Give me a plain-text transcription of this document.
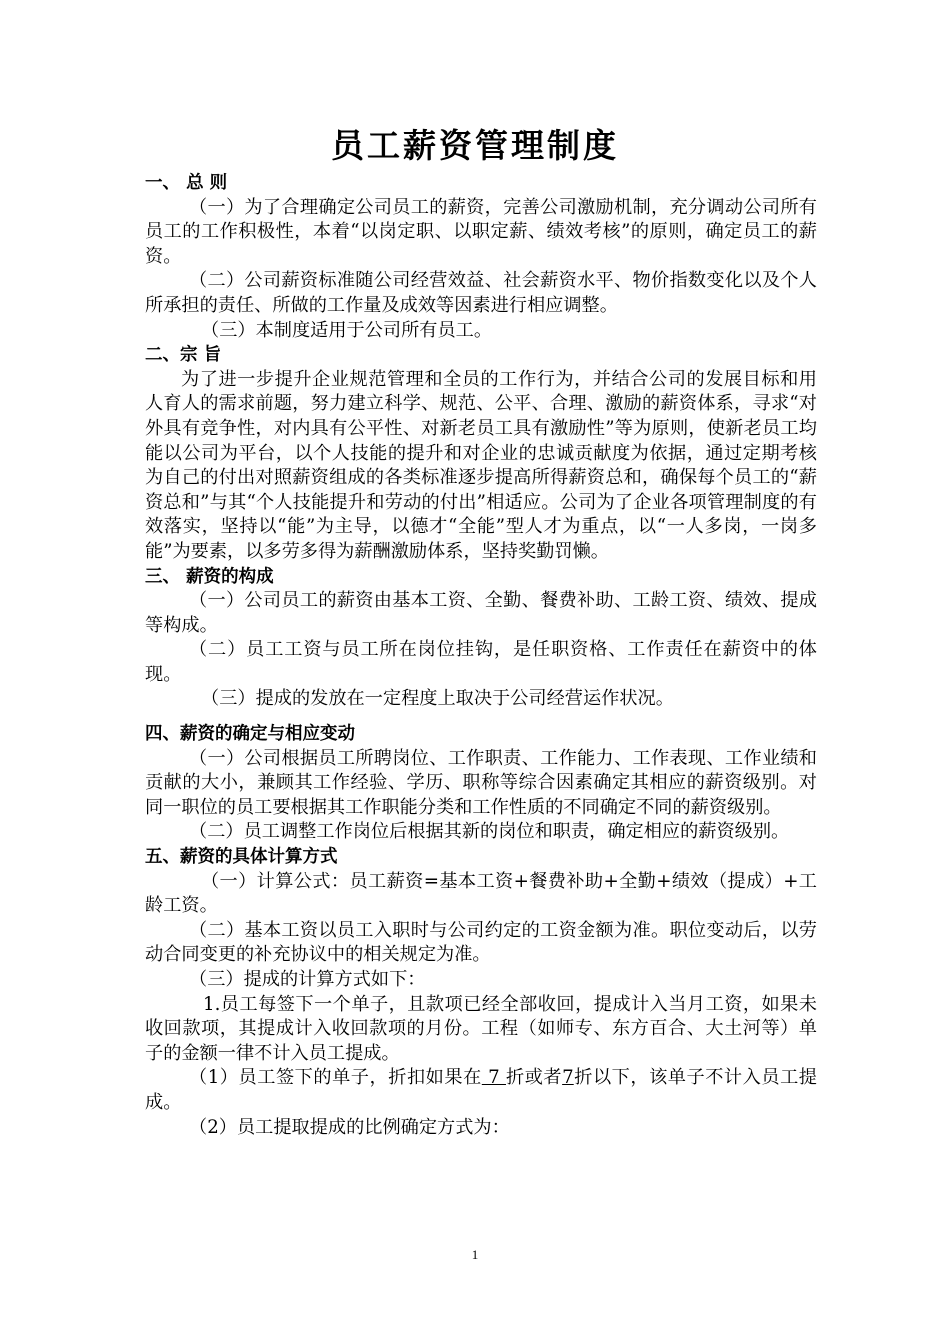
员工薪资管理制度

一、 总 则

（一）为了合理确定公司员工的薪资，完善公司激励机制，充分调动公司所有员工的工作积极性，本着“以岗定职、以职定薪、绩效考核”的原则，确定员工的薪资。

（二）公司薪资标准随公司经营效益、社会薪资水平、物价指数变化以及个人所承担的责任、所做的工作量及成效等因素进行相应调整。

（三）本制度适用于公司所有员工。

二、宗 旨

为了进一步提升企业规范管理和全员的工作行为，并结合公司的发展目标和用人育人的需求前题，努力建立科学、规范、公平、合理、激励的薪资体系，寻求“对外具有竞争性，对内具有公平性、对新老员工具有激励性”等为原则，使新老员工均能以公司为平台，以个人技能的提升和对企业的忠诚贡献度为依据，通过定期考核为自己的付出对照薪资组成的各类标准逐步提高所得薪资总和，确保每个员工的“薪资总和”与其“个人技能提升和劳动的付出”相适应。公司为了企业各项管理制度的有效落实，坚持以“能”为主导，以德才“全能”型人才为重点，以“一人多岗，一岗多能”为要素，以多劳多得为薪酬激励体系，坚持奖勤罚懒。

三、 薪资的构成

（一）公司员工的薪资由基本工资、全勤、餐费补助、工龄工资、绩效、提成等构成。

（二）员工工资与员工所在岗位挂钩，是任职资格、工作责任在薪资中的体现。

（三）提成的发放在一定程度上取决于公司经营运作状况。

四、薪资的确定与相应变动

（一）公司根据员工所聘岗位、工作职责、工作能力、工作表现、工作业绩和贡献的大小，兼顾其工作经验、学历、职称等综合因素确定其相应的薪资级别。对同一职位的员工要根据其工作职能分类和工作性质的不同确定不同的薪资级别。

（二）员工调整工作岗位后根据其新的岗位和职责，确定相应的薪资级别。

五、薪资的具体计算方式

（一）计算公式：员工薪资=基本工资+餐费补助+全勤+绩效（提成）+工龄工资。

（二）基本工资以员工入职时与公司约定的工资金额为准。职位变动后，以劳动合同变更的补充协议中的相关规定为准。

（三）提成的计算方式如下：

1.员工每签下一个单子，且款项已经全部收回，提成计入当月工资，如果未收回款项，其提成计入收回款项的月份。工程（如师专、东方百合、大土河等）单子的金额一律不计入员工提成。

（1）员工签下的单子，折扣如果在 7 折或者7折以下，该单子不计入员工提成。

（2）员工提取提成的比例确定方式为：

1
